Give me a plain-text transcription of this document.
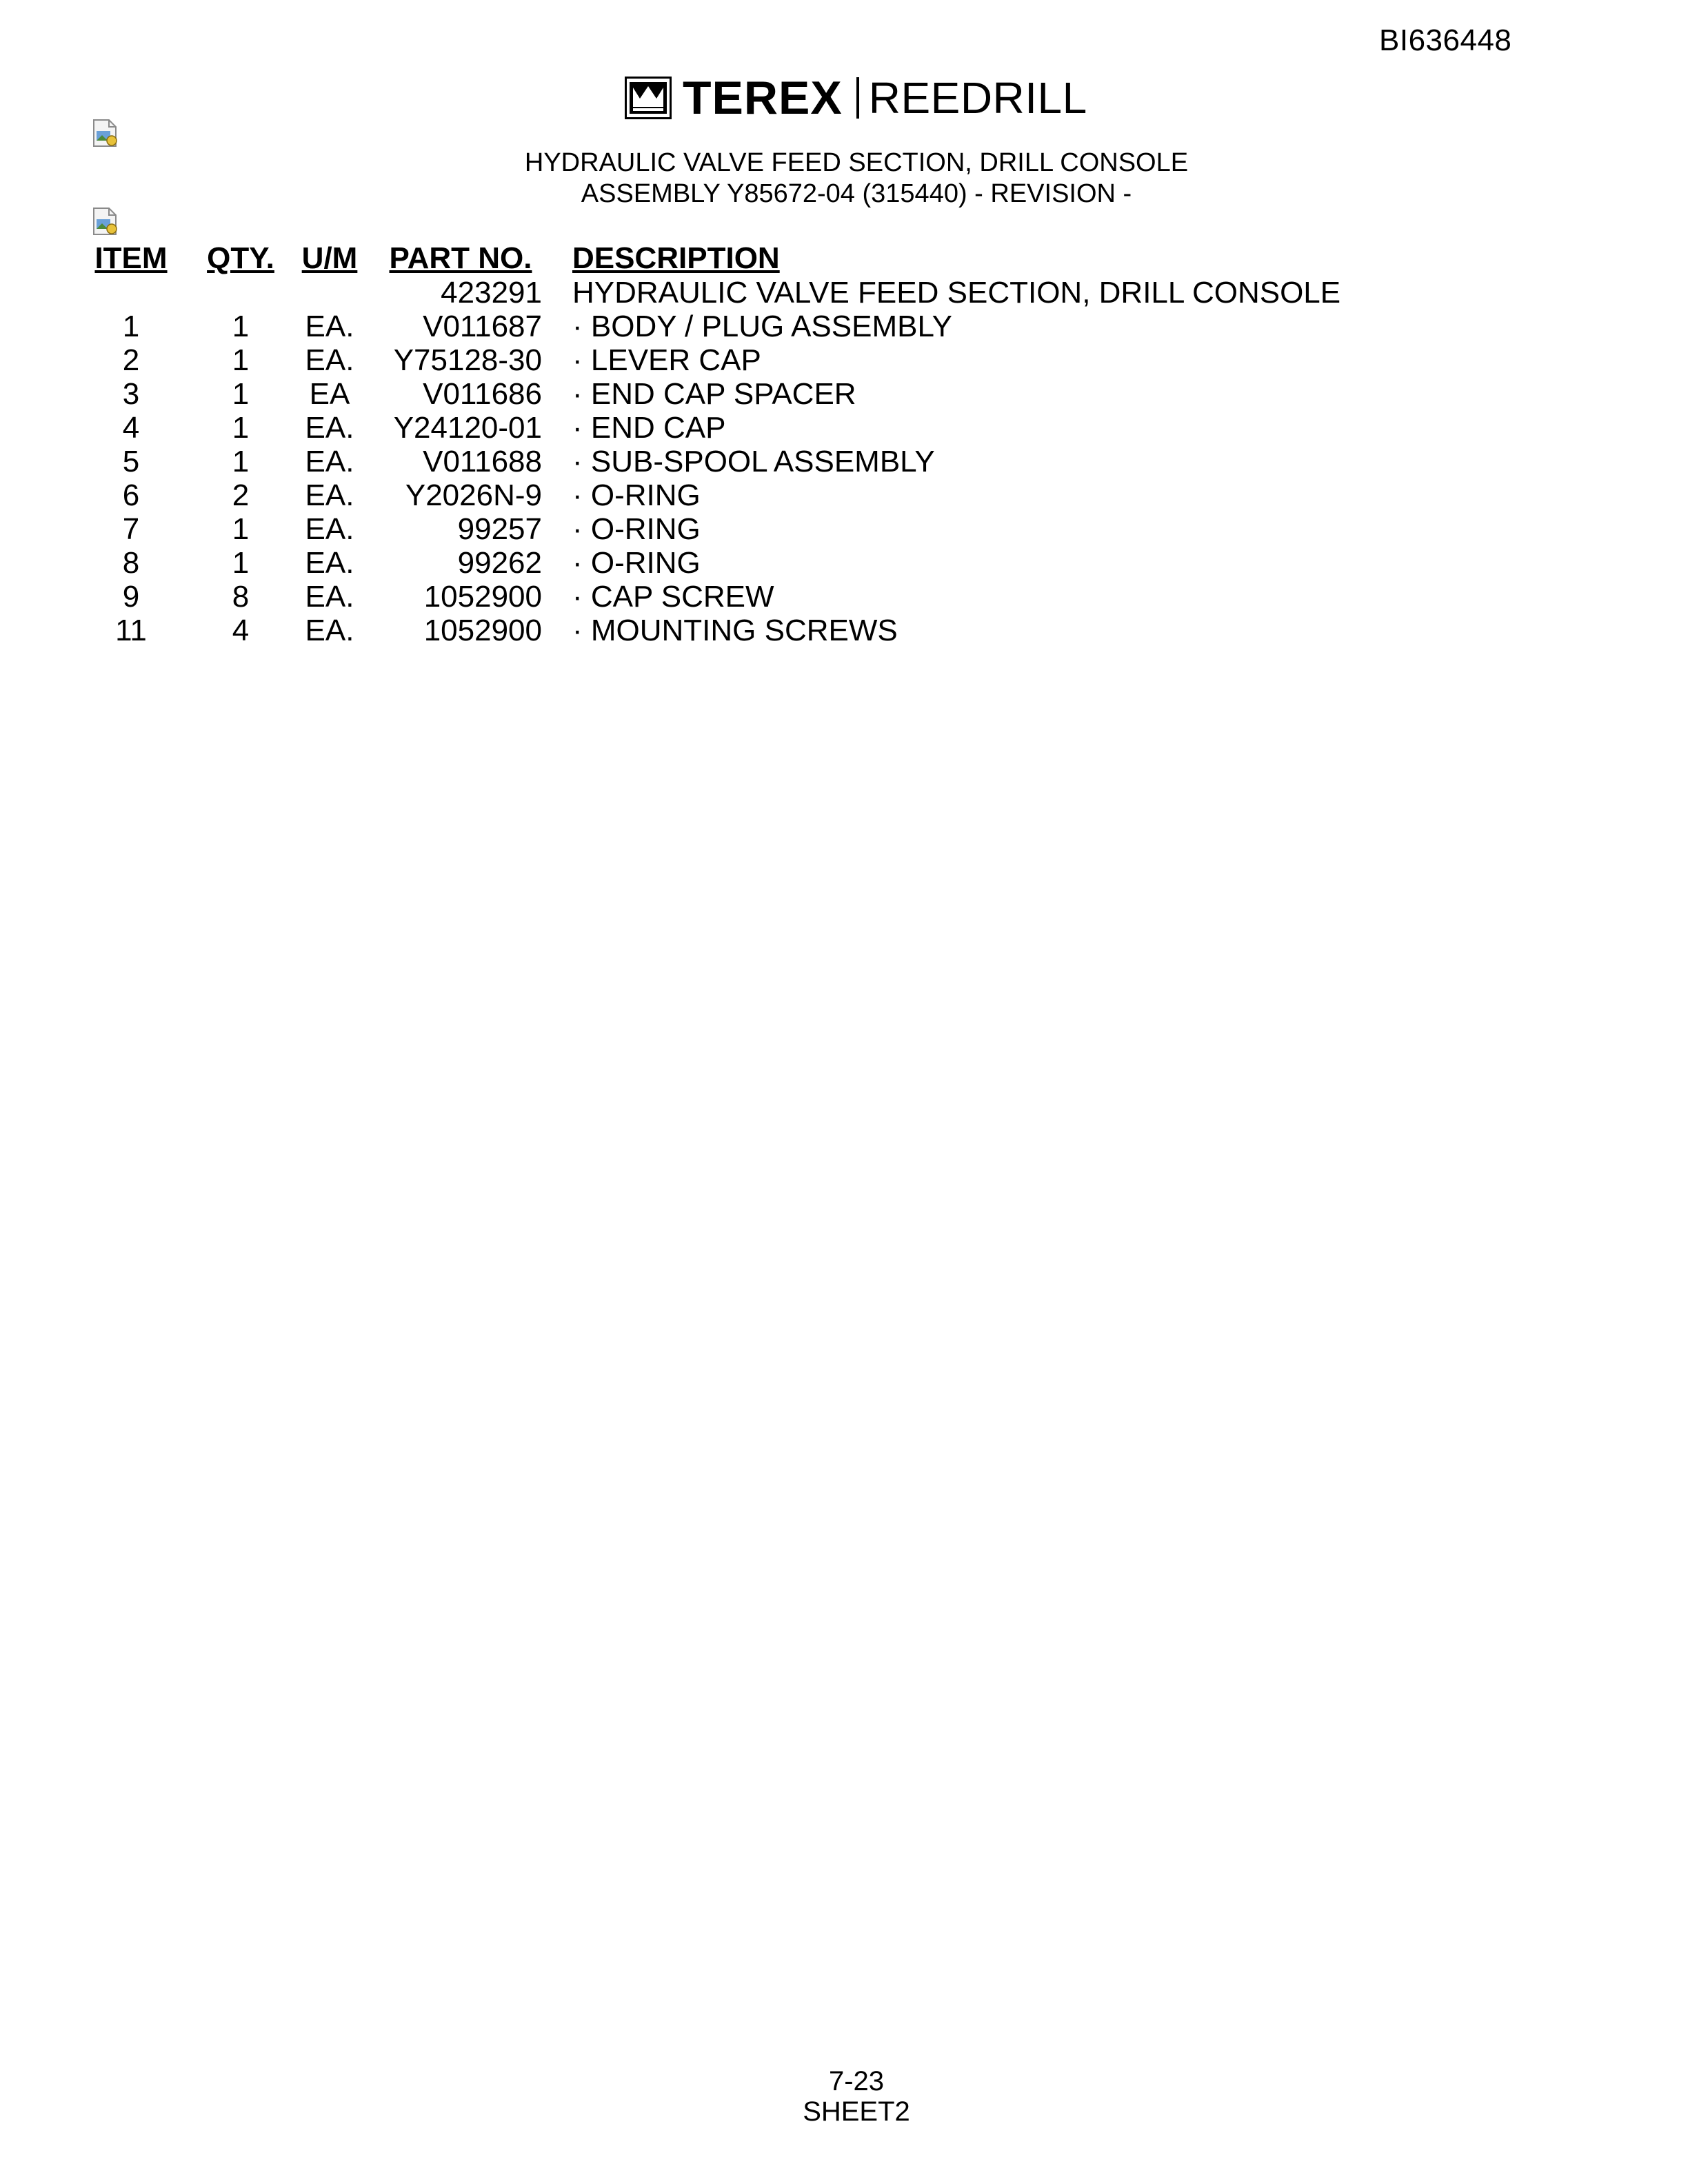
BI636448
TEREX REEDRILL
HYDRAULIC VALVE FEED SECTION, DRILL CONSOLE
ASSEMBLY Y85672-04 (315440) - REVISION -
ITEM		QTY.	U/M	PART NO.		DESCRIPTION
				423291		HYDRAULIC VALVE FEED SECTION, DRILL CONSOLE
1		1	EA.	V011687		· BODY / PLUG ASSEMBLY
2		1	EA.	Y75128-30		· LEVER CAP
3		1	EA	V011686		· END CAP SPACER
4		1	EA.	Y24120-01		· END CAP
5		1	EA.	V011688		· SUB-SPOOL ASSEMBLY
6		2	EA.	Y2026N-9		· O-RING
7		1	EA.	99257		· O-RING
8		1	EA.	99262		· O-RING
9		8	EA.	1052900		· CAP SCREW
11		4	EA.	1052900		· MOUNTING SCREWS
7-23
SHEET2
